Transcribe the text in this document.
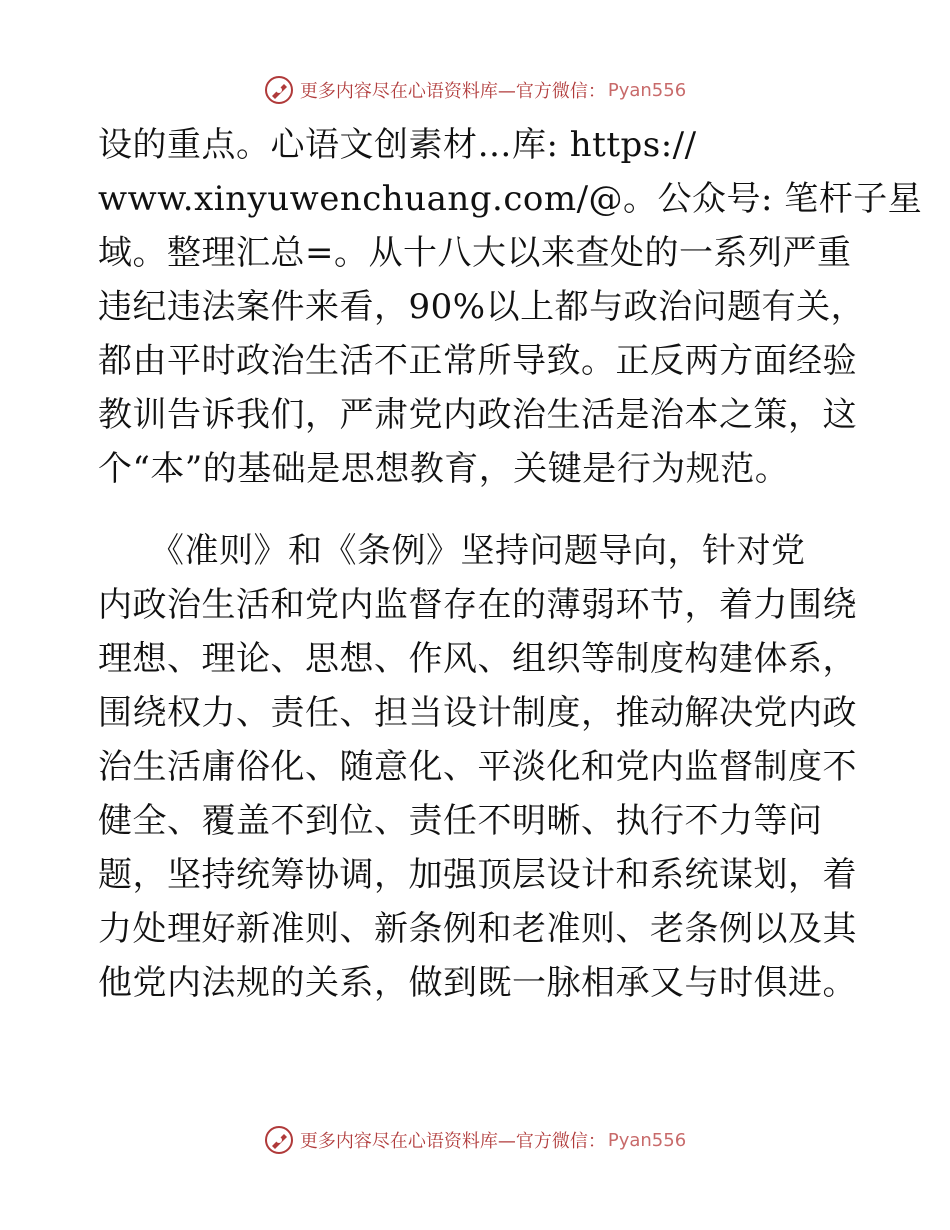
更多内容尽在心语资料库—官方微信： Pyan556
设的重点。心语文创素材…库: https://
www.xinyuwenchuang.com/@。公众号: 笔杆子星
域。整理汇总=。从十八大以来查处的一系列严重
违纪违法案件来看，90%以上都与政治问题有关，
都由平时政治生活不正常所导致。正反两方面经验
教训告诉我们，严肃党内政治生活是治本之策，这
个“本”的基础是思想教育，关键是行为规范。
　　《准则》和《条例》坚持问题导向，针对党
内政治生活和党内监督存在的薄弱环节，着力围绕
理想、理论、思想、作风、组织等制度构建体系，
围绕权力、责任、担当设计制度，推动解决党内政
治生活庸俗化、随意化、平淡化和党内监督制度不
健全、覆盖不到位、责任不明晰、执行不力等问
题，坚持统筹协调，加强顶层设计和系统谋划，着
力处理好新准则、新条例和老准则、老条例以及其
他党内法规的关系，做到既一脉相承又与时俱进。
更多内容尽在心语资料库—官方微信： Pyan556
